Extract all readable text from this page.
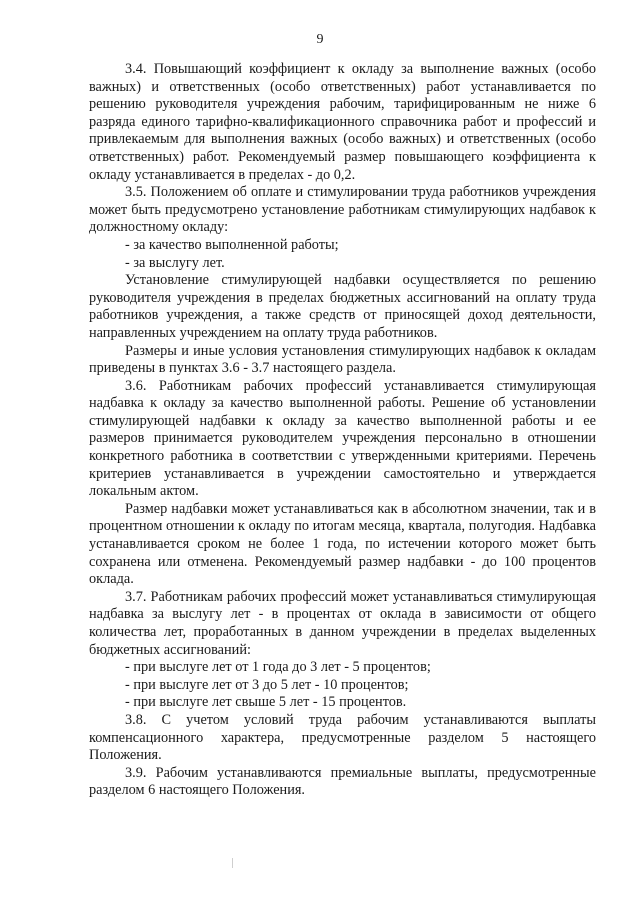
9

3.4. Повышающий коэффициент к окладу за выполнение важных (особо важных) и ответственных (особо ответственных) работ устанавливается по решению руководителя учреждения рабочим, тарифицированным не ниже 6 разряда единого тарифно-квалификационного справочника работ и профессий и привлекаемым для выполнения важных (особо важных) и ответственных (особо ответственных) работ. Рекомендуемый размер повышающего коэффициента к окладу устанавливается в пределах - до 0,2.

3.5. Положением об оплате и стимулировании труда работников учреждения может быть предусмотрено установление работникам стимулирующих надбавок к должностному окладу:

- за качество выполненной работы;

- за выслугу лет.

Установление стимулирующей надбавки осуществляется по решению руководителя учреждения в пределах бюджетных ассигнований на оплату труда работников учреждения, а также средств от приносящей доход деятельности, направленных учреждением на оплату труда работников.

Размеры и иные условия установления стимулирующих надбавок к окладам приведены в пунктах 3.6 - 3.7 настоящего раздела.

3.6. Работникам рабочих профессий устанавливается стимулирующая надбавка к окладу за качество выполненной работы. Решение об установлении стимулирующей надбавки к окладу за качество выполненной работы и ее размеров принимается руководителем учреждения персонально в отношении конкретного работника в соответствии с утвержденными критериями. Перечень критериев устанавливается в учреждении самостоятельно и утверждается локальным актом.

Размер надбавки может устанавливаться как в абсолютном значении, так и в процентном отношении к окладу по итогам месяца, квартала, полугодия. Надбавка устанавливается сроком не более 1 года, по истечении которого может быть сохранена или отменена. Рекомендуемый размер надбавки - до 100 процентов оклада.

3.7. Работникам рабочих профессий может устанавливаться стимулирующая надбавка за выслугу лет - в процентах от оклада в зависимости от общего количества лет, проработанных в данном учреждении в пределах выделенных бюджетных ассигнований:

- при выслуге лет от 1 года до 3 лет - 5 процентов;

- при выслуге лет от 3 до 5 лет - 10 процентов;

- при выслуге лет свыше 5 лет - 15 процентов.

3.8. С учетом условий труда рабочим устанавливаются выплаты компенсационного характера, предусмотренные разделом 5 настоящего Положения.

3.9. Рабочим устанавливаются премиальные выплаты, предусмотренные разделом 6 настоящего Положения.
